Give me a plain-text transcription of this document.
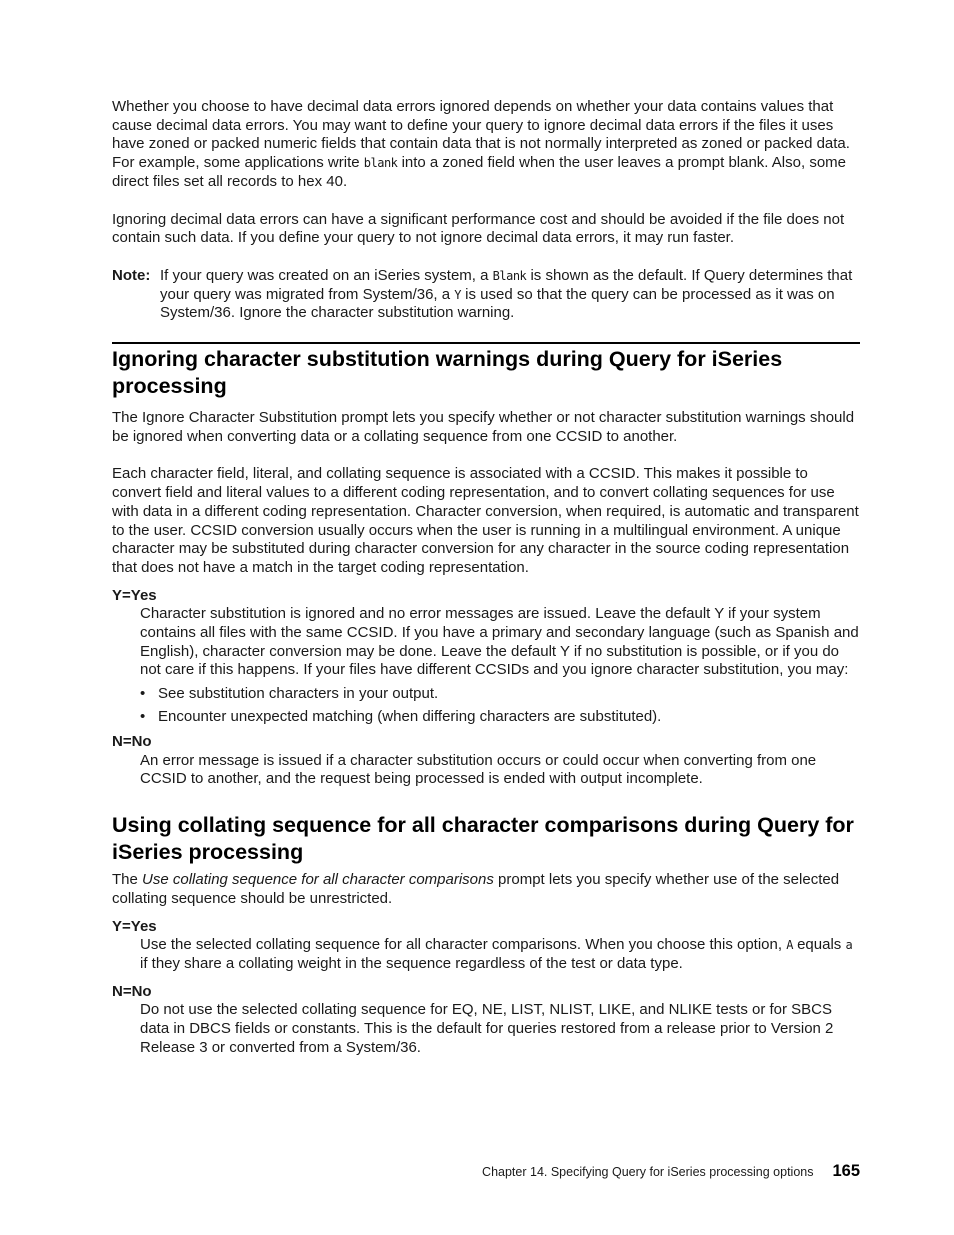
Whether you choose to have decimal data errors ignored depends on whether your data contains values that cause decimal data errors. You may want to define your query to ignore decimal data errors if the files it uses have zoned or packed numeric fields that contain data that is not normally interpreted as zoned or packed data. For example, some applications write blank into a zoned field when the user leaves a prompt blank. Also, some direct files set all records to hex 40.

Ignoring decimal data errors can have a significant performance cost and should be avoided if the file does not contain such data. If you define your query to not ignore decimal data errors, it may run faster.

Note: If your query was created on an iSeries system, a Blank is shown as the default. If Query determines that your query was migrated from System/36, a Y is used so that the query can be processed as it was on System/36. Ignore the character substitution warning.

Ignoring character substitution warnings during Query for iSeries processing

The Ignore Character Substitution prompt lets you specify whether or not character substitution warnings should be ignored when converting data or a collating sequence from one CCSID to another.

Each character field, literal, and collating sequence is associated with a CCSID. This makes it possible to convert field and literal values to a different coding representation, and to convert collating sequences for use with data in a different coding representation. Character conversion, when required, is automatic and transparent to the user. CCSID conversion usually occurs when the user is running in a multilingual environment. A unique character may be substituted during character conversion for any character in the source coding representation that does not have a match in the target coding representation.

Y=Yes

Character substitution is ignored and no error messages are issued. Leave the default Y if your system contains all files with the same CCSID. If you have a primary and secondary language (such as Spanish and English), character conversion may be done. Leave the default Y if no substitution is possible, or if you do not care if this happens. If your files have different CCSIDs and you ignore character substitution, you may:

• See substitution characters in your output.
• Encounter unexpected matching (when differing characters are substituted).
N=No

An error message is issued if a character substitution occurs or could occur when converting from one CCSID to another, and the request being processed is ended with output incomplete.

Using collating sequence for all character comparisons during Query for iSeries processing

The Use collating sequence for all character comparisons prompt lets you specify whether use of the selected collating sequence should be unrestricted.

Y=Yes

Use the selected collating sequence for all character comparisons. When you choose this option, A equals a if they share a collating weight in the sequence regardless of the test or data type.

N=No

Do not use the selected collating sequence for EQ, NE, LIST, NLIST, LIKE, and NLIKE tests or for SBCS data in DBCS fields or constants. This is the default for queries restored from a release prior to Version 2 Release 3 or converted from a System/36.

Chapter 14. Specifying Query for iSeries processing options 165
